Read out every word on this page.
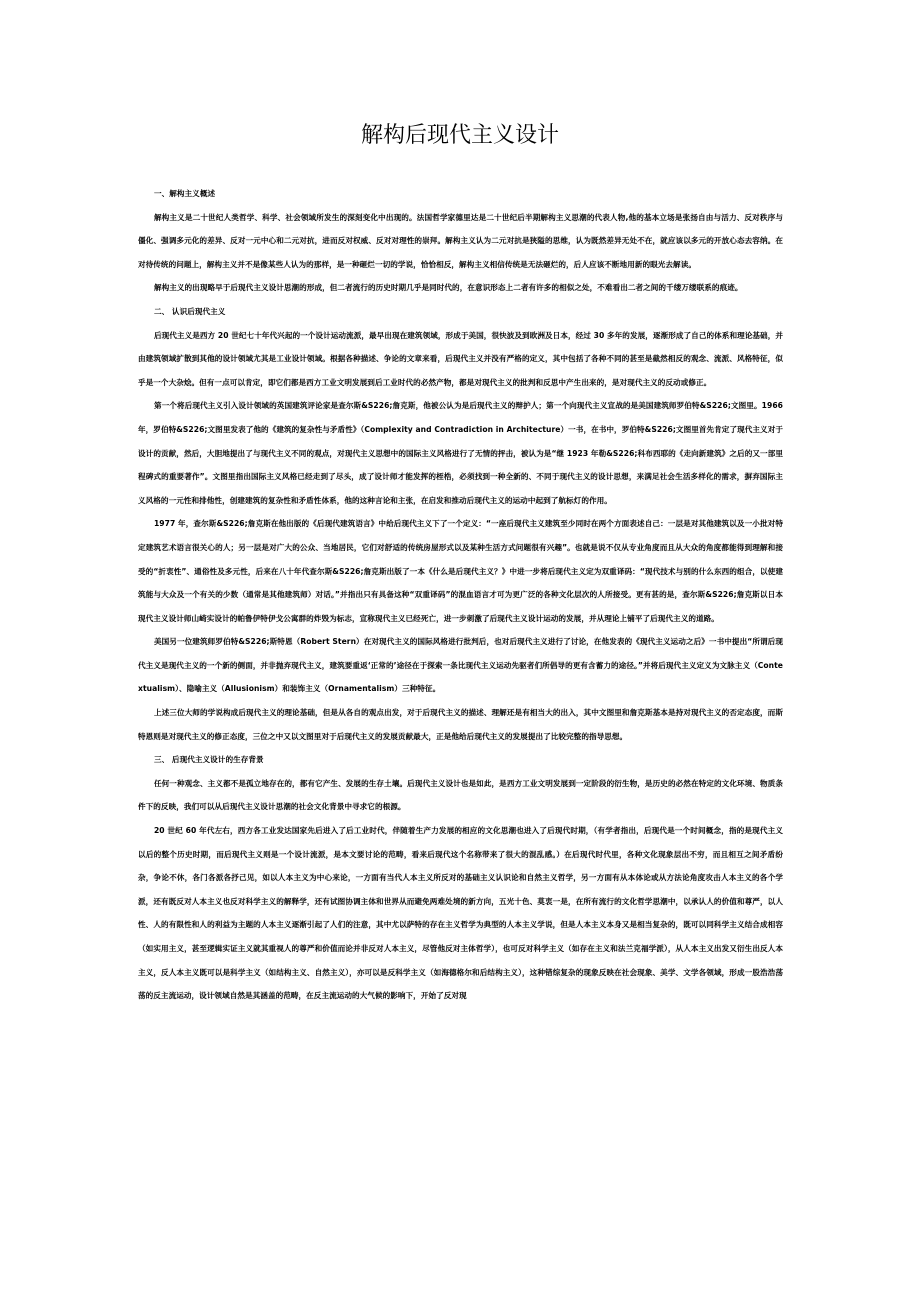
解构后现代主义设计

一、解构主义概述

解构主义是二十世纪人类哲学、科学、社会领域所发生的深刻变化中出现的。法国哲学家德里达是二十世纪后半期解构主义思潮的代表人物,他的基本立场是张扬自由与活力、反对秩序与僵化、强调多元化的差异、反对一元中心和二元对抗，进而反对权威、反对对理性的崇拜。解构主义认为二元对抗是狭隘的思维，认为既然差异无处不在，就应该以多元的开放心态去容纳。在对待传统的问题上，解构主义并不是像某些人认为的那样，是一种砸烂一切的学说，恰恰相反，解构主义相信传统是无法砸烂的，后人应该不断地用新的眼光去解读。

解构主义的出现略早于后现代主义设计思潮的形成，但二者流行的历史时期几乎是同时代的，在意识形态上二者有许多的相似之处，不难看出二者之间的千缕万缕联系的痕迹。

二、 认识后现代主义

后现代主义是西方 20 世纪七十年代兴起的一个设计运动流派，最早出现在建筑领域，形成于美国，很快波及到欧洲及日本，经过 30 多年的发展，逐渐形成了自己的体系和理论基础，并由建筑领域扩散到其他的设计领域尤其是工业设计领域。根据各种描述、争论的文章来看，后现代主义并没有严格的定义，其中包括了各种不同的甚至是截然相反的观念、流派、风格特征，似乎是一个大杂烩。但有一点可以肯定，即它们都是西方工业文明发展到后工业时代的必然产物，都是对现代主义的批判和反思中产生出来的，是对现代主义的反动或修正。

第一个将后现代主义引入设计领域的英国建筑评论家是查尔斯&S226;詹克斯，他被公认为是后现代主义的辩护人；第一个向现代主义宣战的是美国建筑师罗伯特&S226;文图里。1966 年，罗伯特&S226;文图里发表了他的《建筑的复杂性与矛盾性》（Complexity and Contradiction in Architecture）一书，在书中，罗伯特&S226;文图里首先肯定了现代主义对于设计的贡献，然后，大胆地提出了与现代主义不同的观点，对现代主义思想中的国际主义风格进行了无情的抨击，被认为是“继 1923 年勒&S226;科布西耶的《走向新建筑》之后的又一部里程碑式的重要著作”。文图里指出国际主义风格已经走到了尽头，成了设计师才能发挥的桎梏，必须找到一种全新的、不同于现代主义的设计思想，来满足社会生活多样化的需求，摒弃国际主义风格的一元性和排他性，创建建筑的复杂性和矛盾性体系，他的这种言论和主张，在启发和推动后现代主义的运动中起到了航标灯的作用。

1977 年，查尔斯&S226;詹克斯在他出版的《后现代建筑语言》中给后现代主义下了一个定义：“一座后现代主义建筑至少同时在两个方面表述自己：一层是对其他建筑以及一小批对特定建筑艺术语言很关心的人；另一层是对广大的公众、当地居民，它们对舒适的传统房屋形式以及某种生活方式问题很有兴趣”。也就是说不仅从专业角度而且从大众的角度都能得到理解和接受的“折衷性”、通俗性及多元性，后来在八十年代查尔斯&S226;詹克斯出版了一本《什么是后现代主义？》中进一步将后现代主义定为双重译码：“现代技术与别的什么东西的组合，以使建筑能与大众及一个有关的少数（通常是其他建筑师）对话。”并指出只有具备这种“双重译码”的混血语言才可为更广泛的各种文化层次的人所接受。更有甚的是，查尔斯&S226;詹克斯以日本现代主义设计师山崎实设计的帕鲁伊特伊戈公寓群的炸毁为标志，宣称现代主义已经死亡，进一步刺激了后现代主义设计运动的发展，并从理论上铺平了后现代主义的道路。

美国另一位建筑师罗伯特&S226;斯特恩（Robert Stern）在对现代主义的国际风格进行批判后，也对后现代主义进行了讨论，在他发表的《现代主义运动之后》一书中提出“所谓后现代主义是现代主义的一个新的侧面，并非抛弃现代主义，建筑要重返‘正常的’途径在于探索一条比现代主义运动先驱者们所倡导的更有含蓄力的途径。”并将后现代主义定义为文脉主义（Contextualism）、隐喻主义（Allusionism）和装饰主义（Ornamentalism）三种特征。

上述三位大师的学说构成后现代主义的理论基础，但是从各自的观点出发，对于后现代主义的描述、理解还是有相当大的出入，其中文图里和詹克斯基本是持对现代主义的否定态度，而斯特恩则是对现代主义的修正态度，三位之中又以文图里对于后现代主义的发展贡献最大，正是他给后现代主义的发展提出了比较完整的指导思想。

三、 后现代主义设计的生存背景

任何一种观念、主义都不是孤立地存在的，都有它产生、发展的生存土壤。后现代主义设计也是如此，是西方工业文明发展到一定阶段的衍生物，是历史的必然在特定的文化环境、物质条件下的反映，我们可以从后现代主义设计思潮的社会文化背景中寻求它的根源。

20 世纪 60 年代左右，西方各工业发达国家先后进入了后工业时代，伴随着生产力发展的相应的文化思潮也进入了后现代时期，（有学者指出，后现代是一个时间概念，指的是现代主义以后的整个历史时期，而后现代主义则是一个设计流派，是本文要讨论的范畴，看来后现代这个名称带来了很大的混乱感。）在后现代时代里，各种文化现象层出不穷，而且相互之间矛盾纷杂，争论不休，各门各派各抒己见，如以人本主义为中心来论，一方面有当代人本主义所反对的基础主义认识论和自然主义哲学，另一方面有从本体论或从方法论角度攻击人本主义的各个学派，还有既反对人本主义也反对科学主义的解释学，还有试图协调主体和世界从而避免两难处境的新方向，五光十色、莫衷一是，在所有流行的文化哲学思潮中，以承认人的价值和尊严，以人性、人的有限性和人的利益为主题的人本主义逐渐引起了人们的注意，其中尤以萨特的存在主义哲学为典型的人本主义学说，但是人本主义本身又是相当复杂的，既可以同科学主义结合成相容（如实用主义，甚至逻辑实证主义就其重视人的尊严和价值而论并非反对人本主义，尽管他反对主体哲学），也可反对科学主义（如存在主义和法兰克福学派），从人本主义出发又衍生出反人本主义，反人本主义既可以是科学主义（如结构主义、自然主义），亦可以是反科学主义（如海德格尔和后结构主义），这种错综复杂的现象反映在社会现象、美学、文学各领域，形成一股浩浩荡荡的反主流运动，设计领域自然是其涵盖的范畴，在反主流运动的大气候的影响下，开始了反对现
